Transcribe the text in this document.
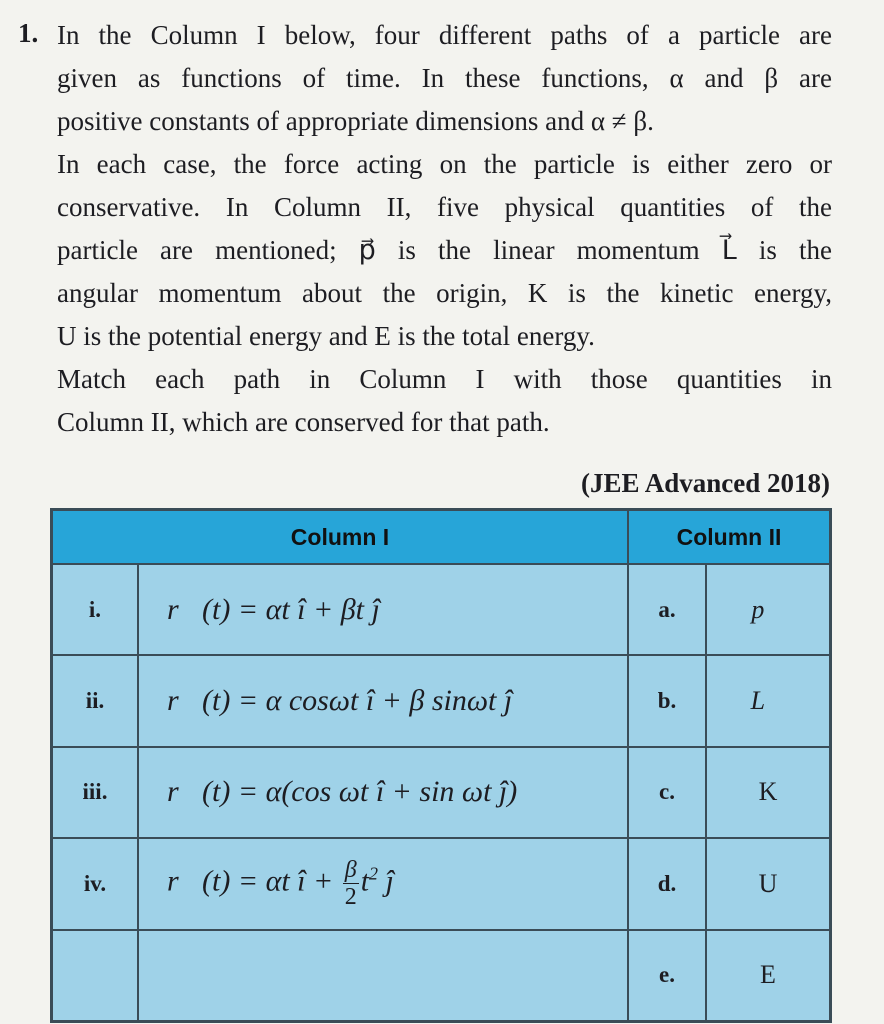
1. In the Column I below, four different paths of a particle are
given as functions of time. In these functions, α and β are
positive constants of appropriate dimensions and α ≠ β.
In each case, the force acting on the particle is either zero or
conservative. In Column II, five physical quantities of the
particle are mentioned; p⃗ is the linear momentum L⃗ is the
angular momentum about the origin, K is the kinetic energy,
U is the potential energy and E is the total energy.
Match each path in Column I with those quantities in
Column II, which are conserved for that path.
(JEE Advanced 2018)
Column I		Column II	
i.	r⃗(t) = αt î + βt ĵ	a.	p⃗
ii.	r⃗(t) = α cosωt î + β sinωt ĵ	b.	L⃗
iii.	r⃗(t) = α(cos ωt î + sin ωt ĵ)	c.	K
iv.	r⃗(t) = αt î + $\frac{\beta}{2} t^2$ ĵ	d.	U
		e.	E
